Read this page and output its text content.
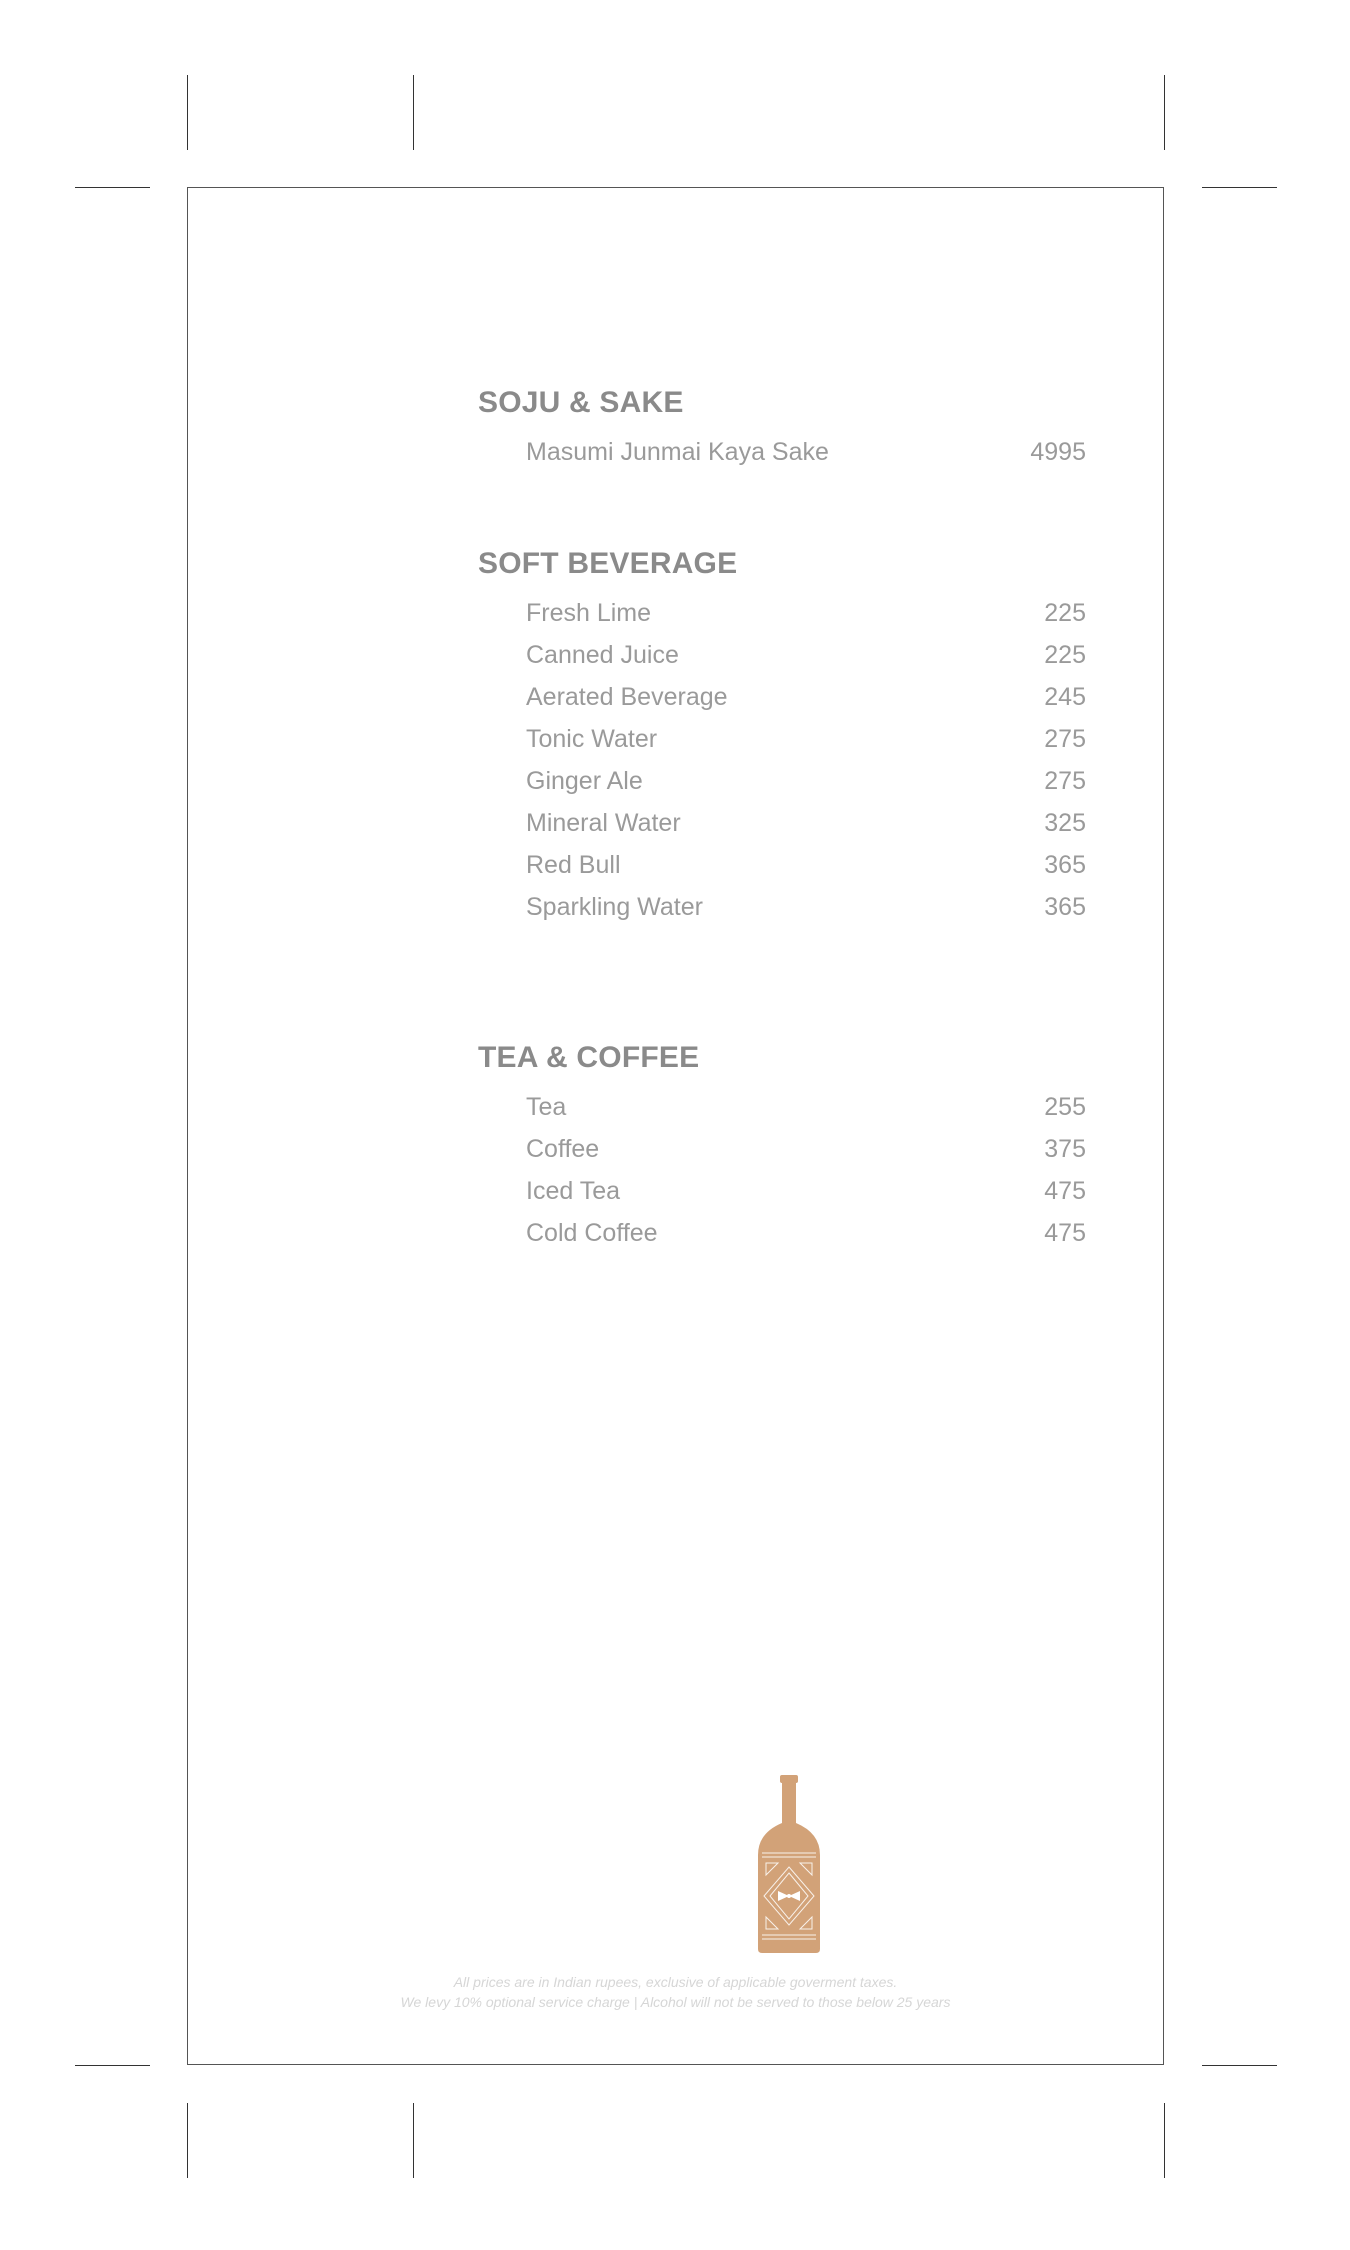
SOJU & SAKE
Masumi Junmai Kaya Sake	4995
SOFT BEVERAGE
Fresh Lime	225
Canned Juice	225
Aerated Beverage	245
Tonic Water	275
Ginger Ale	275
Mineral Water	325
Red Bull	365
Sparkling Water	365
TEA & COFFEE
Tea	255
Coffee	375
Iced Tea	475
Cold Coffee	475
All prices are in Indian rupees, exclusive of applicable goverment taxes.
We levy 10% optional service charge | Alcohol will not be served to those below 25 years
